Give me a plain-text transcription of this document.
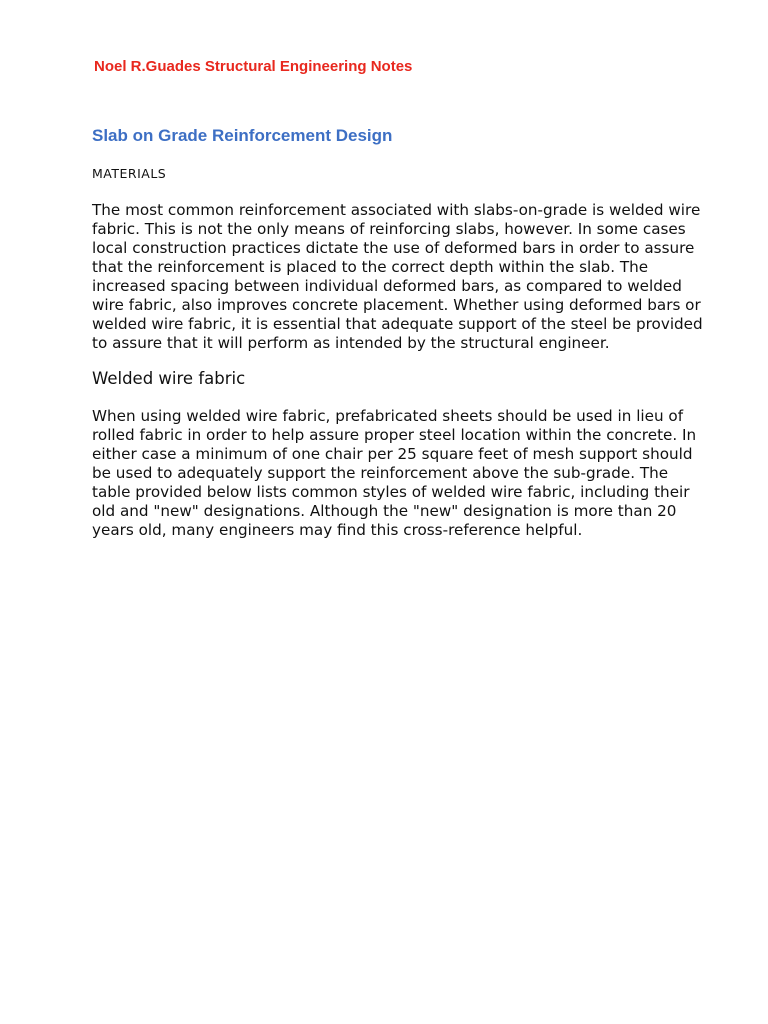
Noel R.Guades Structural Engineering Notes
Slab on Grade Reinforcement Design
MATERIALS

The most common reinforcement associated with slabs-on-grade is welded wire
fabric. This is not the only means of reinforcing slabs, however. In some cases
local construction practices dictate the use of deformed bars in order to assure
that the reinforcement is placed to the correct depth within the slab. The
increased spacing between individual deformed bars, as compared to welded
wire fabric, also improves concrete placement. Whether using deformed bars or
welded wire fabric, it is essential that adequate support of the steel be provided
to assure that it will perform as intended by the structural engineer.

Welded wire fabric

When using welded wire fabric, prefabricated sheets should be used in lieu of
rolled fabric in order to help assure proper steel location within the concrete. In
either case a minimum of one chair per 25 square feet of mesh support should
be used to adequately support the reinforcement above the sub-grade. The
table provided below lists common styles of welded wire fabric, including their
old and "new" designations. Although the "new" designation is more than 20
years old, many engineers may find this cross-reference helpful.
